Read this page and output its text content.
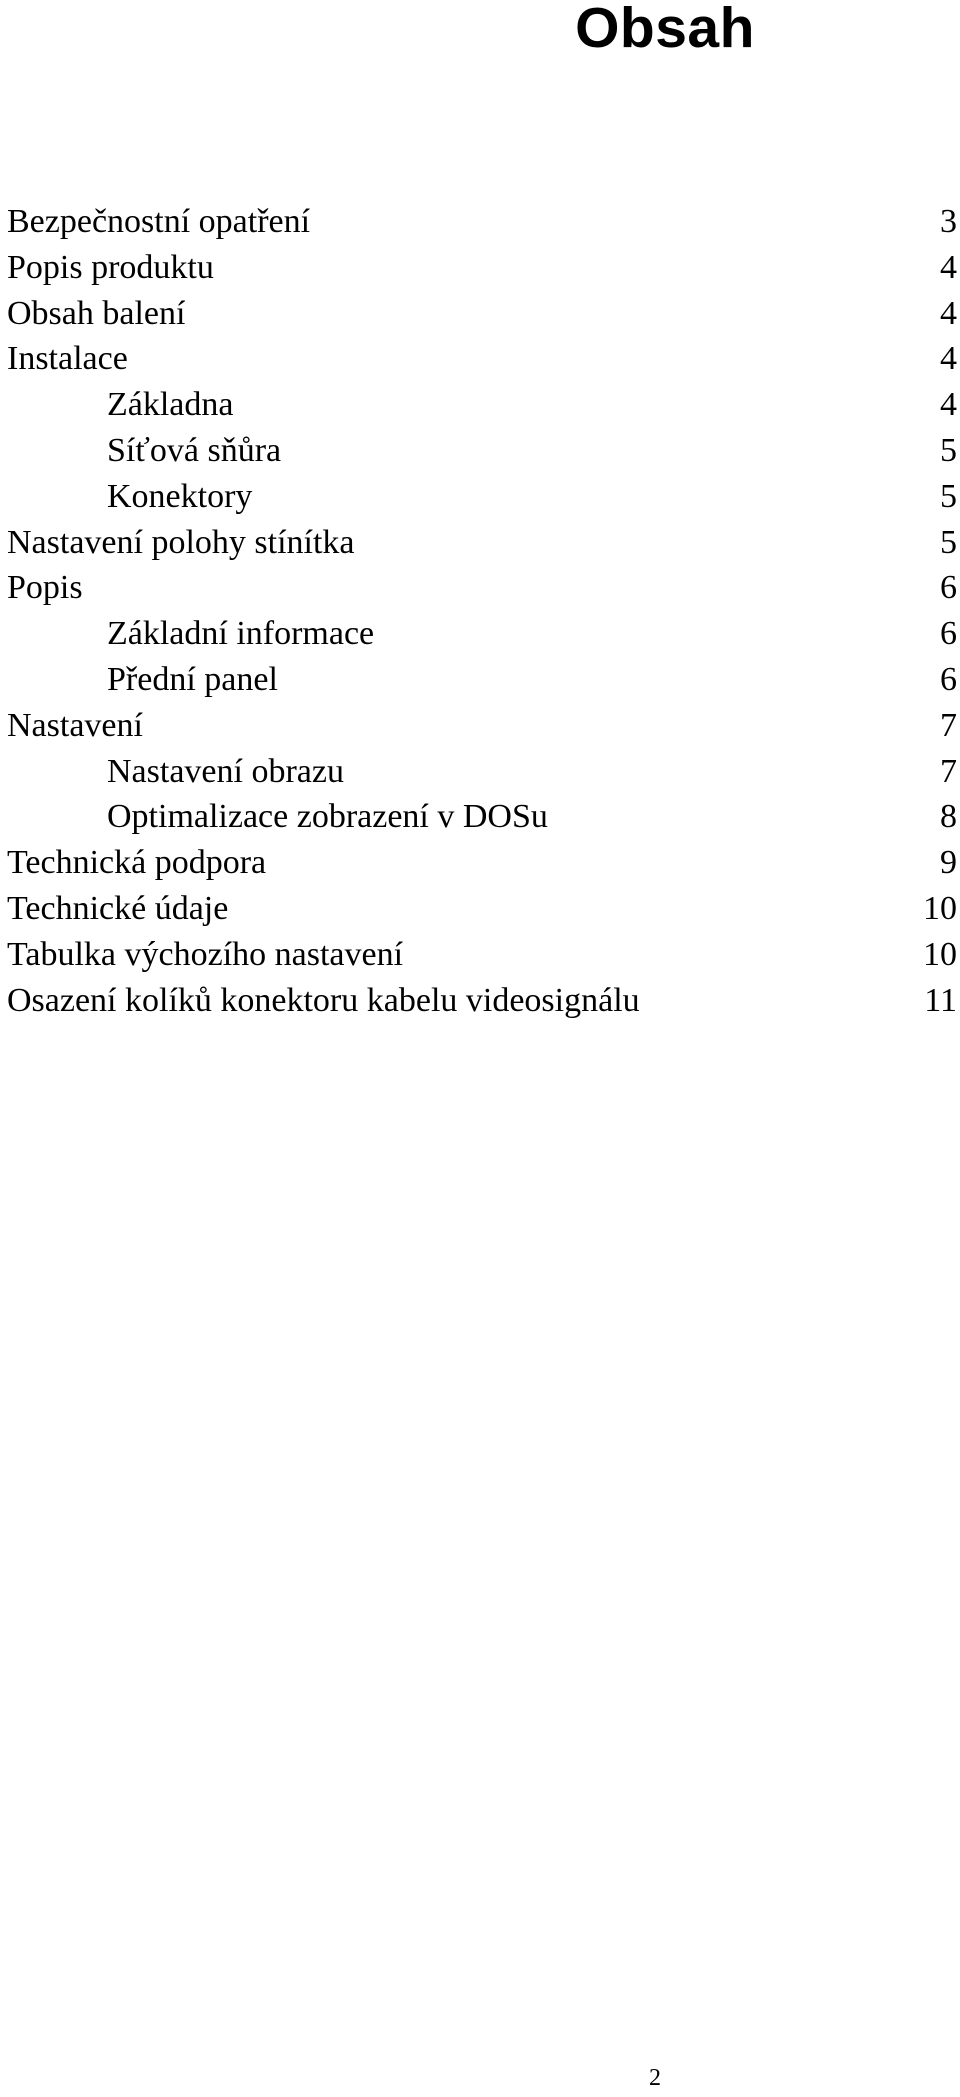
Obsah
Bezpečnostní opatření	3
Popis produktu	4
Obsah balení	4
Instalace	4
Základna	4
Síťová sňůra	5
Konektory	5
Nastavení polohy stínítka	5
Popis	6
Základní informace	6
Přední panel	6
Nastavení	7
Nastavení obrazu	7
Optimalizace zobrazení v DOSu	8
Technická podpora	9
Technické údaje	10
Tabulka výchozího nastavení	10
Osazení kolíků konektoru kabelu videosignálu	11
2
